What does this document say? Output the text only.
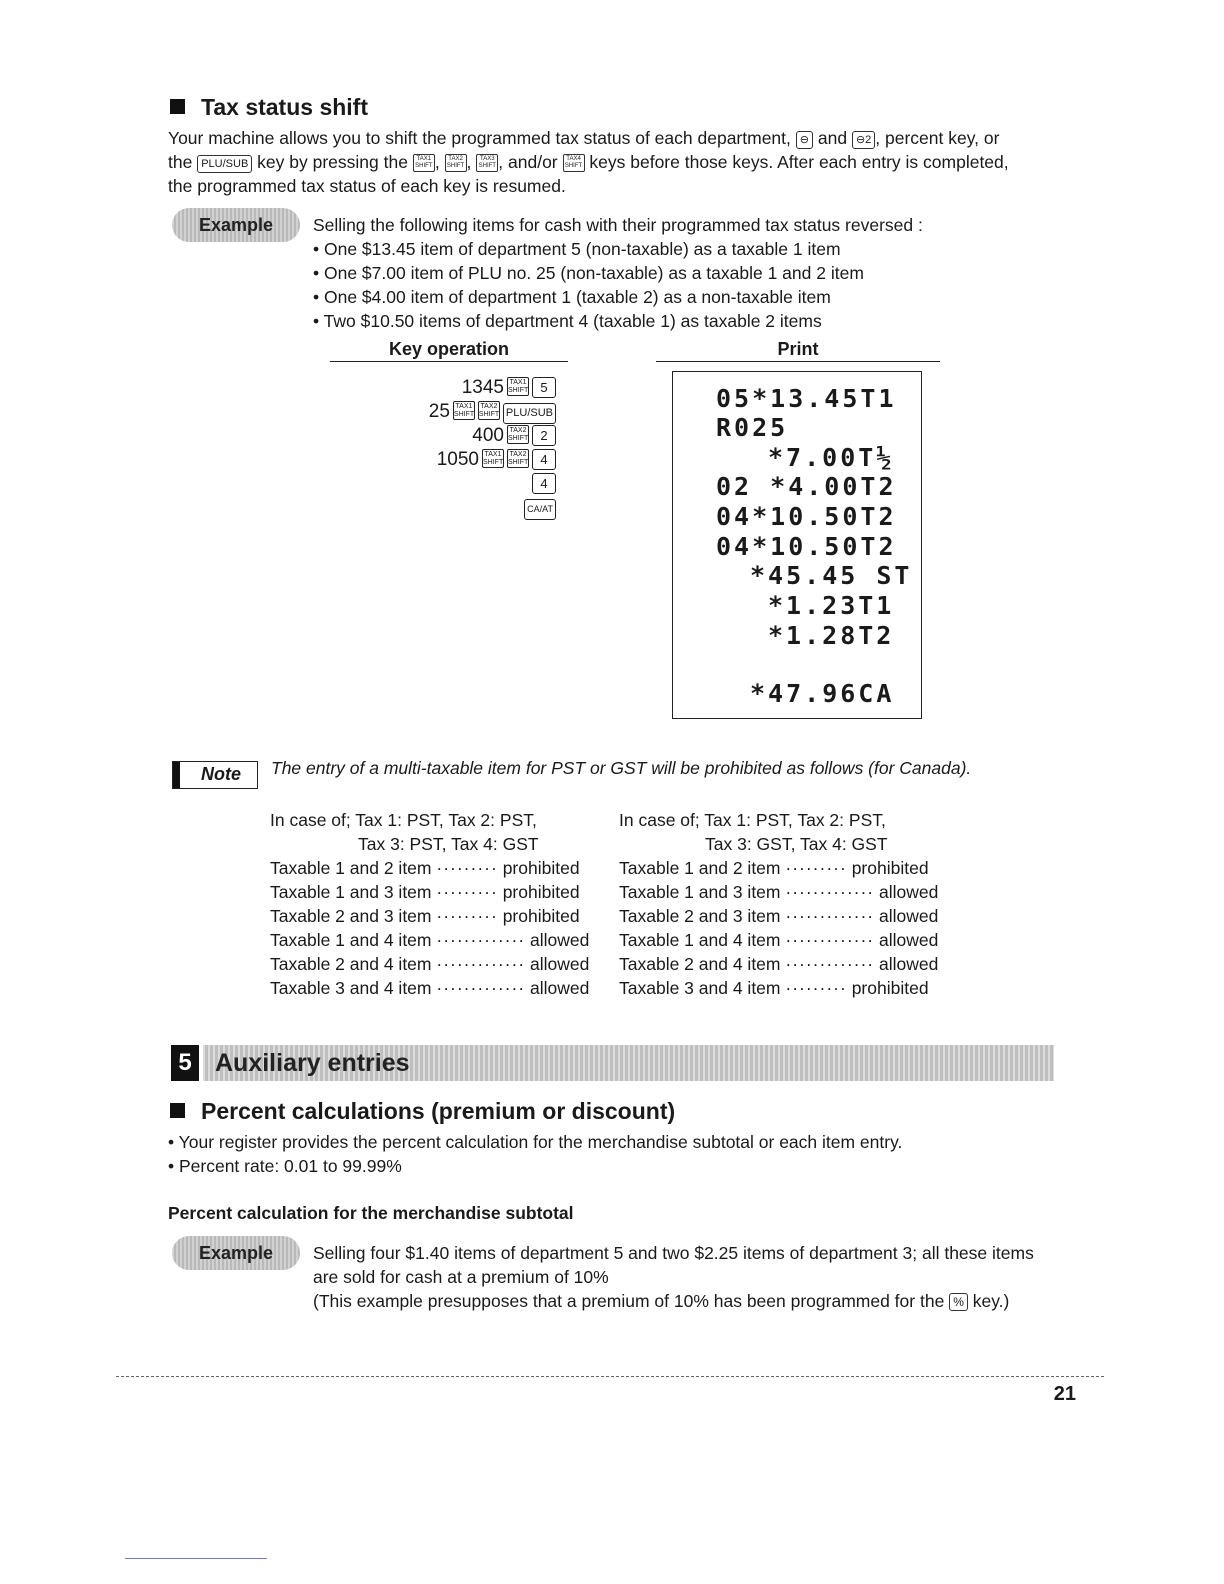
Tax status shift
Your machine allows you to shift the programmed tax status of each department, ⊖ and ⊖2 , percent key, or
the PLU/SUB key by pressing the TAX1 SHIFT , TAX2 SHIFT , TAX3 SHIFT , and/or TAX4 SHIFT keys before those keys. After each entry is completed,
the programmed tax status of each key is resumed.
Example	Selling the following items for cash with their programmed tax status reversed :
• One $13.45 item of department 5 (non-taxable) as a taxable 1 item
• One $7.00 item of PLU no. 25 (non-taxable) as a taxable 1 and 2 item
• One $4.00 item of department 1 (taxable 2) as a non-taxable item
• Two $10.50 items of department 4 (taxable 1) as taxable 2 items
Key operation	Print
1345 TAX1 SHIFT 5
25 TAX1 SHIFTTAX2 SHIFT PLU/SUB
400 TAX2 SHIFT 2
1050 TAX1 SHIFTTAX2 SHIFT 4
4
CA/AT
05*13.45T1
R025
*7.00T½
02 *4.00T2
04*10.50T2
04*10.50T2
*45.45 ST
*1.23T1
*1.28T2
*47.96CA
Note	The entry of a multi-taxable item for PST or GST will be prohibited as follows (for Canada).
In case of; Tax 1: PST, Tax 2: PST,
Tax 3: PST, Tax 4: GST
Taxable 1 and 2 item ········· prohibited
Taxable 1 and 3 item ········· prohibited
Taxable 2 and 3 item ········· prohibited
Taxable 1 and 4 item ············· allowed
Taxable 2 and 4 item ············· allowed
Taxable 3 and 4 item ············· allowed
In case of; Tax 1: PST, Tax 2: PST,
Tax 3: GST, Tax 4: GST
Taxable 1 and 2 item ········· prohibited
Taxable 1 and 3 item ············· allowed
Taxable 2 and 3 item ············· allowed
Taxable 1 and 4 item ············· allowed
Taxable 2 and 4 item ············· allowed
Taxable 3 and 4 item ········· prohibited
5 Auxiliary entries
Percent calculations (premium or discount)
• Your register provides the percent calculation for the merchandise subtotal or each item entry.
• Percent rate: 0.01 to 99.99%
Percent calculation for the merchandise subtotal
Example	Selling four $1.40 items of department 5 and two $2.25 items of department 3; all these items
are sold for cash at a premium of 10%
(This example presupposes that a premium of 10% has been programmed for the % key.)
21
